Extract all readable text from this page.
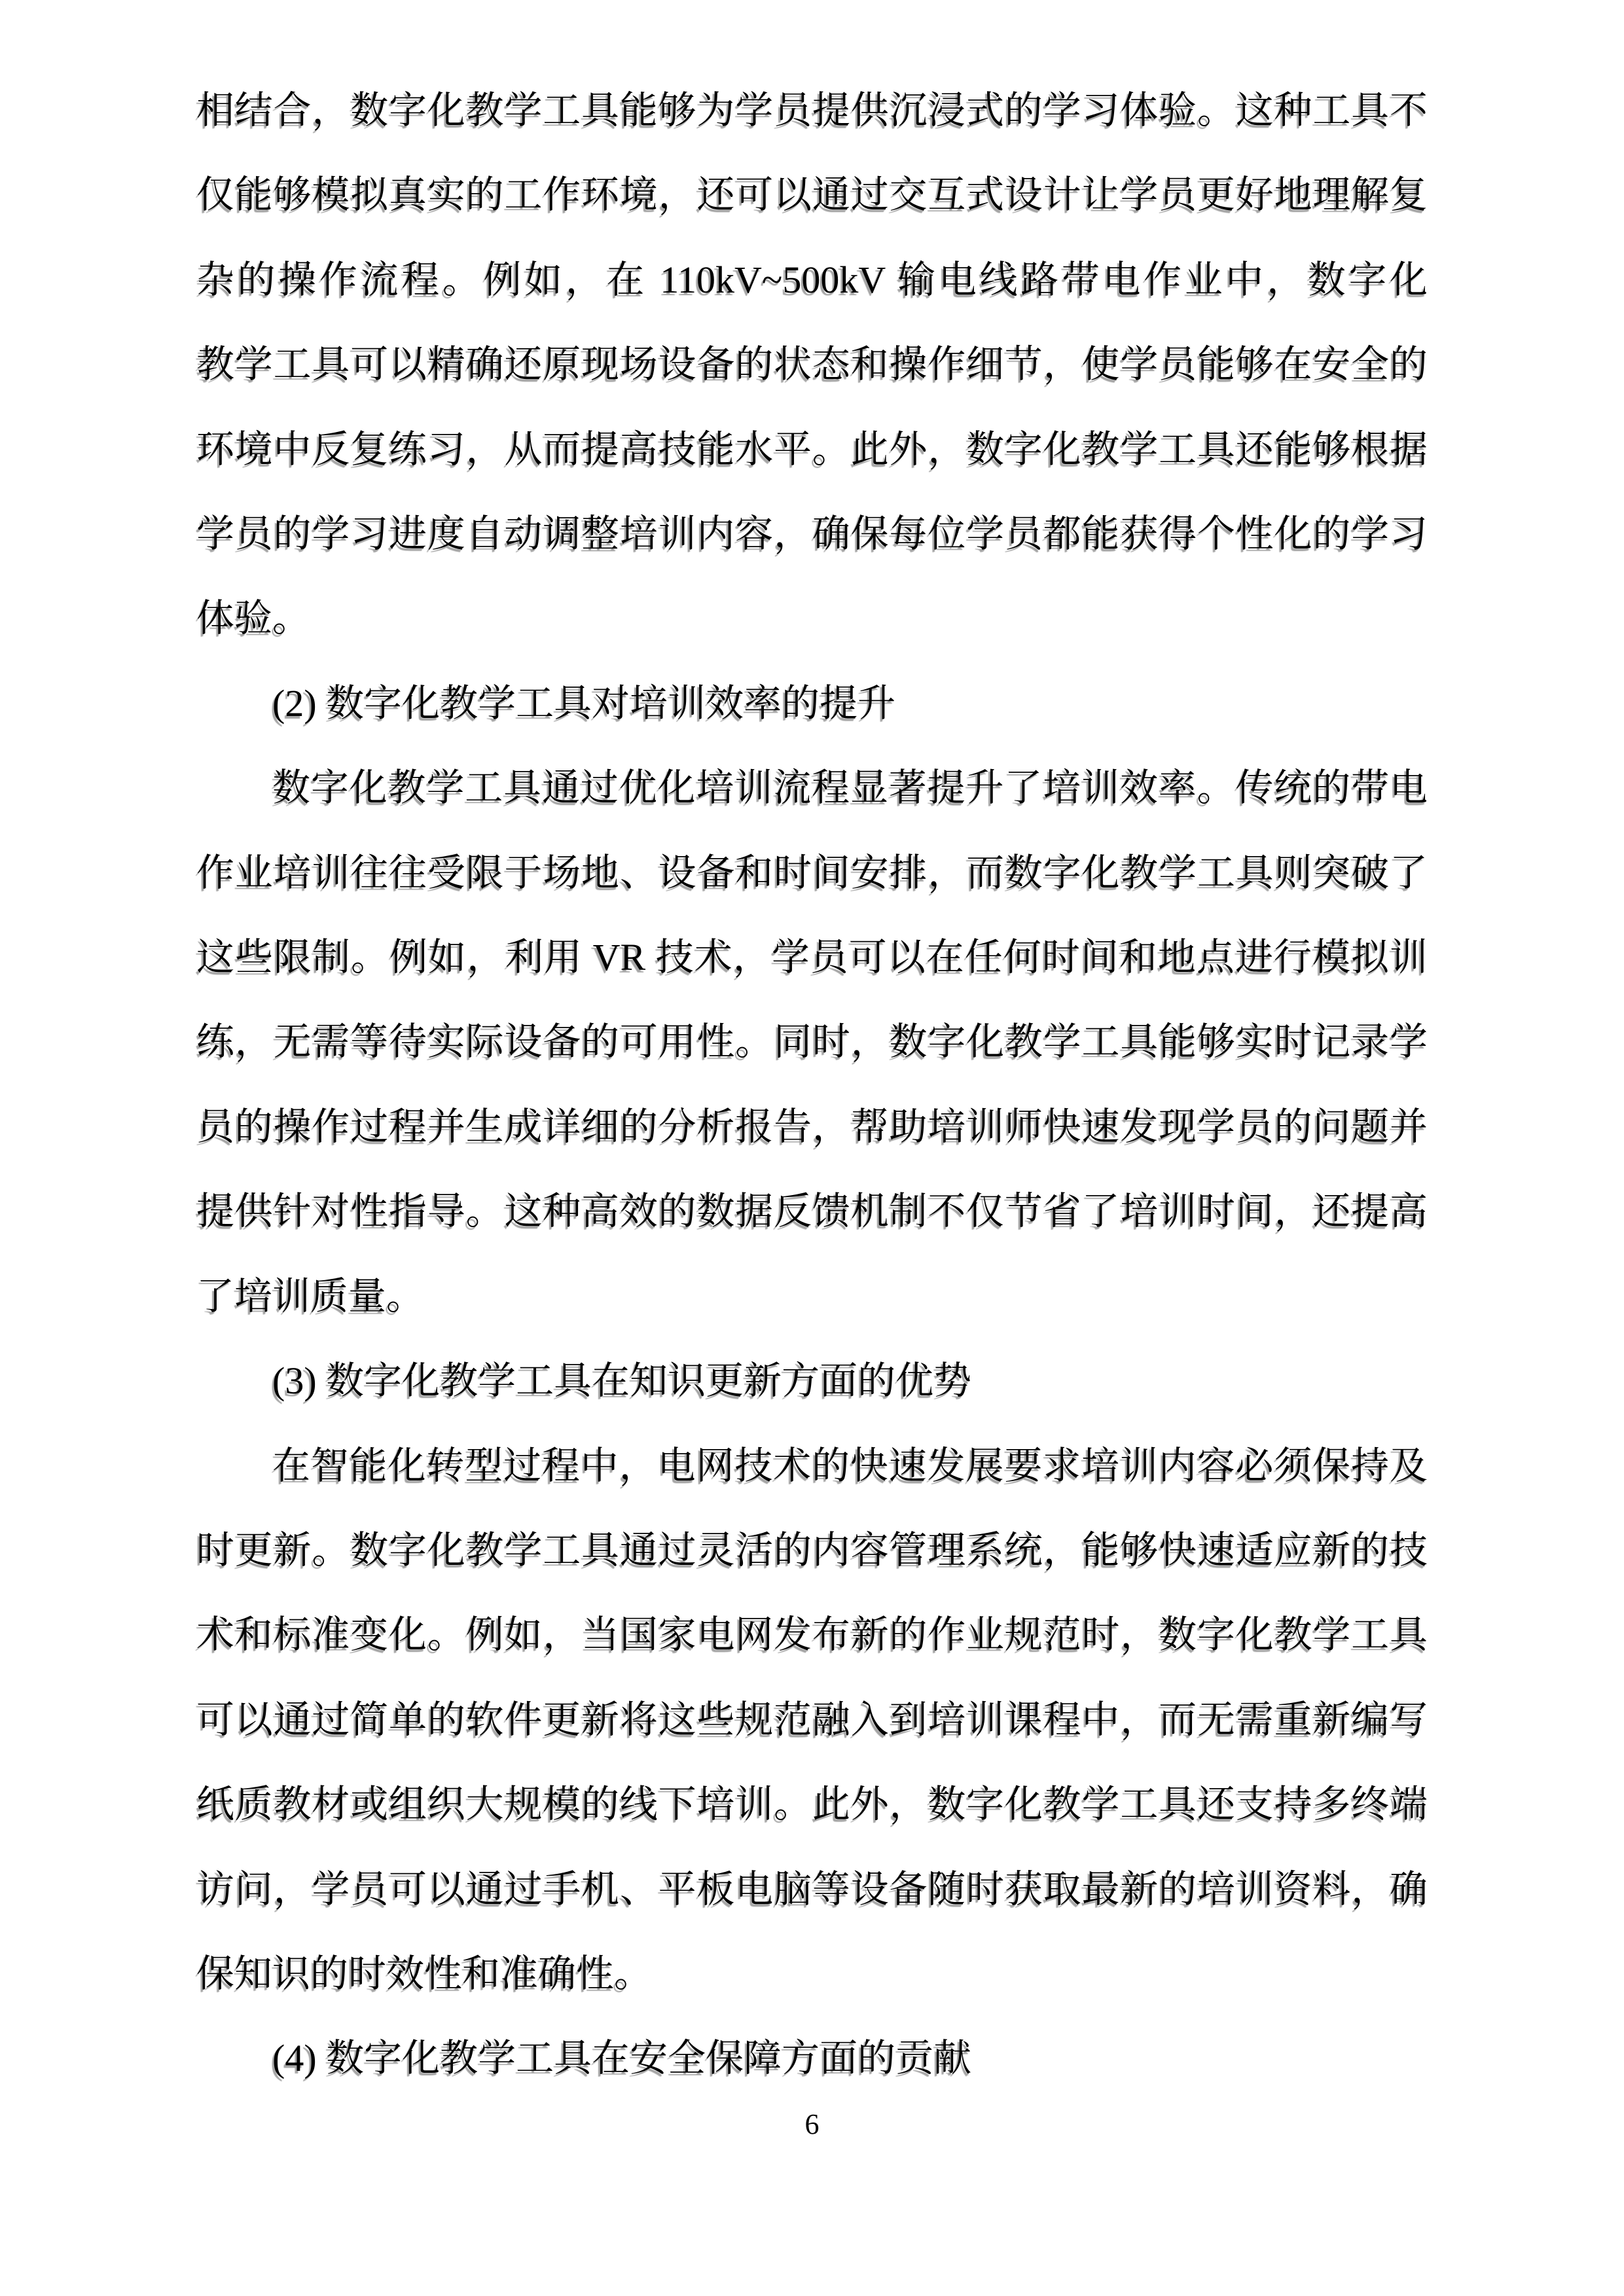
相结合，数字化教学工具能够为学员提供沉浸式的学习体验。这种工具不
仅能够模拟真实的工作环境，还可以通过交互式设计让学员更好地理解复
杂的操作流程。例如，在 110kV~500kV 输电线路带电作业中，数字化
教学工具可以精确还原现场设备的状态和操作细节，使学员能够在安全的
环境中反复练习，从而提高技能水平。此外，数字化教学工具还能够根据
学员的学习进度自动调整培训内容，确保每位学员都能获得个性化的学习
体验。
(2) 数字化教学工具对培训效率的提升
数字化教学工具通过优化培训流程显著提升了培训效率。传统的带电
作业培训往往受限于场地、设备和时间安排，而数字化教学工具则突破了
这些限制。例如，利用 VR 技术，学员可以在任何时间和地点进行模拟训
练，无需等待实际设备的可用性。同时，数字化教学工具能够实时记录学
员的操作过程并生成详细的分析报告，帮助培训师快速发现学员的问题并
提供针对性指导。这种高效的数据反馈机制不仅节省了培训时间，还提高
了培训质量。
(3) 数字化教学工具在知识更新方面的优势
在智能化转型过程中，电网技术的快速发展要求培训内容必须保持及
时更新。数字化教学工具通过灵活的内容管理系统，能够快速适应新的技
术和标准变化。例如，当国家电网发布新的作业规范时，数字化教学工具
可以通过简单的软件更新将这些规范融入到培训课程中，而无需重新编写
纸质教材或组织大规模的线下培训。此外，数字化教学工具还支持多终端
访问，学员可以通过手机、平板电脑等设备随时获取最新的培训资料，确
保知识的时效性和准确性。
(4) 数字化教学工具在安全保障方面的贡献
6
